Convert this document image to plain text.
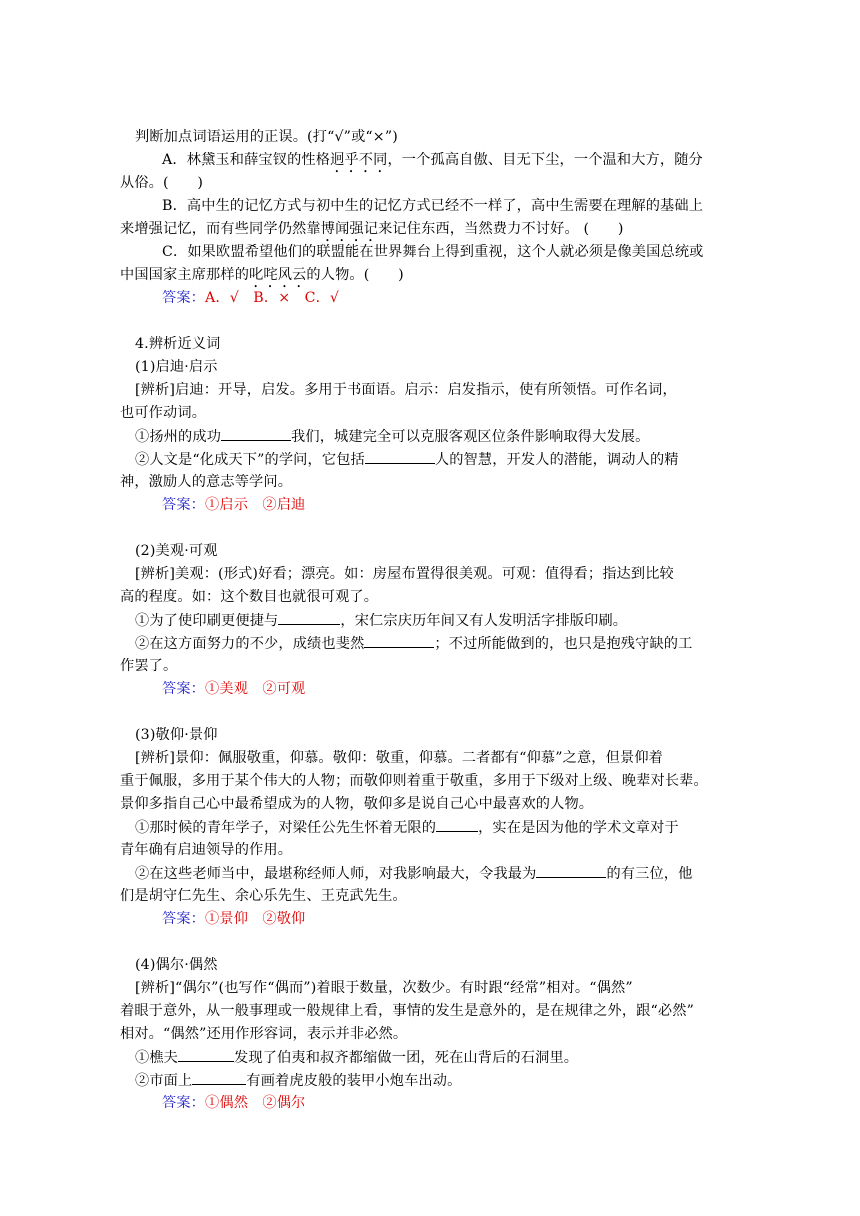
判断加点词语运用的正误。(打“√”或“×”)
A．林黛玉和薛宝钗的性格迥乎不同，一个孤高自傲、目无下尘，一个温和大方，随分
从俗。(　　)
B．高中生的记忆方式与初中生的记忆方式已经不一样了，高中生需要在理解的基础上
来增强记忆，而有些同学仍然靠博闻强记来记住东西，当然费力不讨好。 (　　)
C．如果欧盟希望他们的联盟能在世界舞台上得到重视，这个人就必须是像美国总统或
中国国家主席那样的叱咤风云的人物。(　　)
答案：A．√　B．×　C．√
4.辨析近义词
(1)启迪·启示
[辨析]启迪：开导，启发。多用于书面语。启示：启发指示，使有所领悟。可作名词，
也可作动词。
①扬州的成功	我们，城建完全可以克服客观区位条件影响取得大发展。
②人文是“化成天下”的学问，它包括	人的智慧，开发人的潜能，调动人的精
神，激励人的意志等学问。
答案：①启示　②启迪
(2)美观·可观
[辨析]美观：(形式)好看；漂亮。如：房屋布置得很美观。可观：值得看；指达到比较
高的程度。如：这个数目也就很可观了。
①为了使印刷更便捷与	，宋仁宗庆历年间又有人发明活字排版印刷。
②在这方面努力的不少，成绩也斐然	；不过所能做到的，也只是抱残守缺的工
作罢了。
答案：①美观　②可观
(3)敬仰·景仰
[辨析]景仰：佩服敬重，仰慕。敬仰：敬重，仰慕。二者都有“仰慕”之意，但景仰着
重于佩服，多用于某个伟大的人物；而敬仰则着重于敬重，多用于下级对上级、晚辈对长辈。
景仰多指自己心中最希望成为的人物，敬仰多是说自己心中最喜欢的人物。
①那时候的青年学子，对梁任公先生怀着无限的	，实在是因为他的学术文章对于
青年确有启迪领导的作用。
②在这些老师当中，最堪称经师人师，对我影响最大，令我最为	的有三位，他
们是胡守仁先生、余心乐先生、王克武先生。
答案：①景仰　②敬仰
(4)偶尔·偶然
[辨析]“偶尔”(也写作“偶而”)着眼于数量，次数少。有时跟“经常”相对。“偶然”
着眼于意外，从一般事理或一般规律上看，事情的发生是意外的，是在规律之外，跟“必然”
相对。“偶然”还用作形容词，表示并非必然。
①樵夫	发现了伯夷和叔齐都缩做一团，死在山背后的石洞里。
②市面上	有画着虎皮般的装甲小炮车出动。
答案：①偶然　②偶尔
